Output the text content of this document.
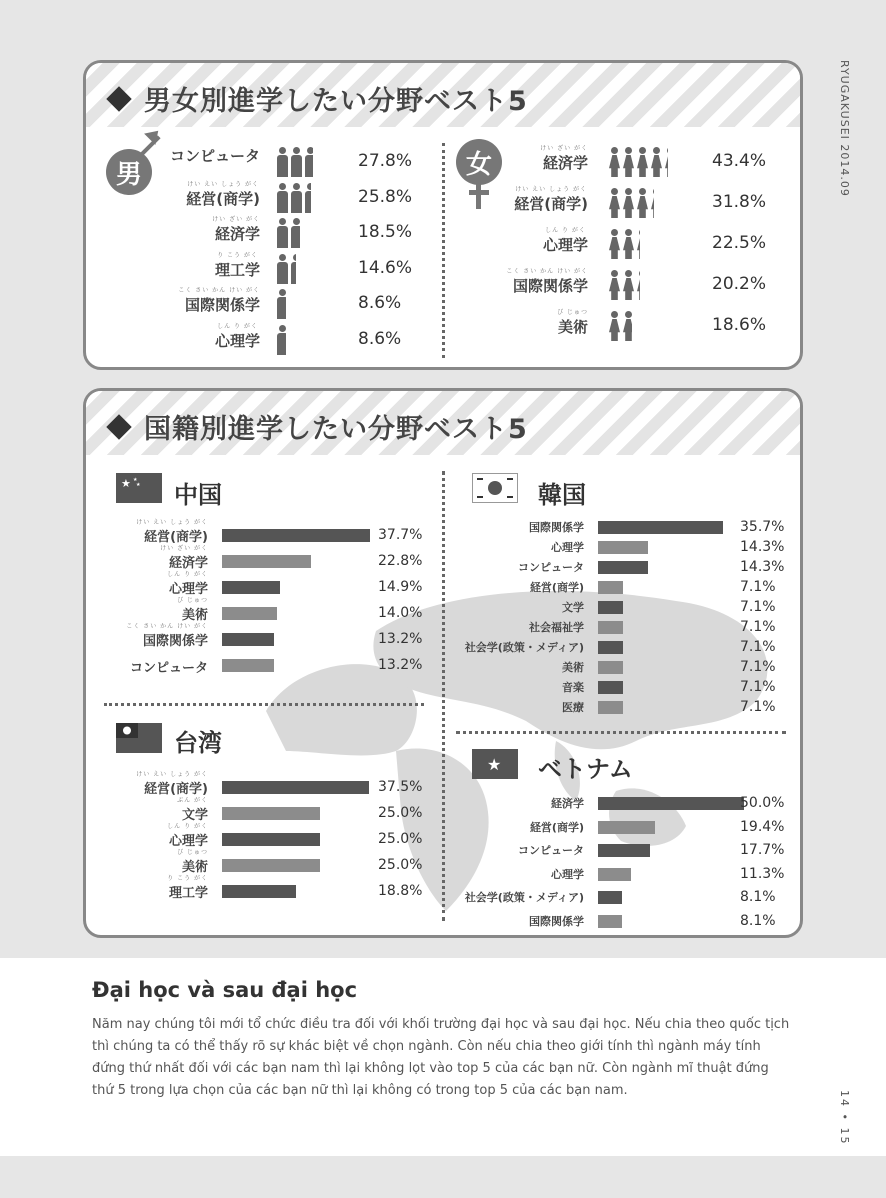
RYUGAKUSEI 2014.09
男女別進学したい分野ベスト5
男
コンピュータ	27.8%
けい えい しょう がく
経営(商学)	25.8%
けい ざい がく
経済学	18.5%
り こう がく
理工学	14.6%
こく さい かん けい がく
国際関係学	8.6%
しん り がく
心理学	8.6%
女
けい ざい がく
経済学	43.4%
けい えい しょう がく
経営(商学)	31.8%
しん り がく
心理学	22.5%
こく さい かん けい がく
国際関係学	20.2%
び じゅつ
美術	18.6%
国籍別進学したい分野ベスト5
★ ★
★ 中国
けい えい しょう がく
経営(商学)	37.7%
けい ざい がく
経済学	22.8%
しん り がく
心理学	14.9%
び じゅつ
美術	14.0%
こく さい かん けい がく
国際関係学	13.2%
コンピュータ	13.2%
台湾
けい えい しょう がく
経営(商学)	37.5%
ぶん がく
文学	25.0%
しん り がく
心理学	25.0%
び じゅつ
美術	25.0%
り こう がく
理工学	18.8%
韓国
国際関係学	35.7%
心理学	14.3%
コンピュータ	14.3%
経営(商学)	7.1%
文学	7.1%
社会福祉学	7.1%
社会学(政策・メディア)	7.1%
美術	7.1%
音楽	7.1%
医療	7.1%
★ ベトナム
経済学	50.0%
経営(商学)	19.4%
コンピュータ	17.7%
心理学	11.3%
社会学(政策・メディア)	8.1%
国際関係学	8.1%
Đại học và sau đại học
Năm nay chúng tôi mới tổ chức điều tra đối với khối trường đại học và sau đại học. Nếu chia theo quốc tịch thì chúng ta có thể thấy rõ sự khác biệt về chọn ngành. Còn nếu chia theo giới tính thì ngành máy tính đứng thứ nhất đối với các bạn nam thì lại không lọt vào top 5 của các bạn nữ. Còn ngành mĩ thuật đứng thứ 5 trong lựa chọn của các bạn nữ thì lại không có trong top 5 của các bạn nam.	14 • 15
